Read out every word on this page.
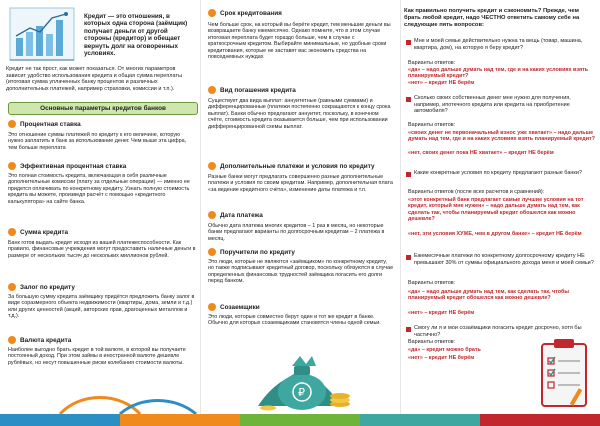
Кредит — это отношения, в которых одна сторона (заёмщик) получает деньги от другой стороны (кредитор) и обещает вернуть долг на оговоренных условиях.
Кредит не так прост, как может показаться. От многих параметров зависит удобство использования кредита и общая сумма переплаты (итоговая сумма уплаченных банку процентов и различных дополнительных платежей, например страховки, комиссии и т.п.).
Основные параметры кредитов банков
Процентная ставка
Это отношение суммы платежей по кредиту к его величине, которую нужно заплатить в банк за использование денег. Чем выше эта цифра, тем больше переплата
Эффективная процентная ставка
Это полная стоимость кредита, включающая в себя различные дополнительные комиссии (плату за отдельные операции) — именно ее придется оплачивать по конкретному кредиту. Узнать полную стоимость кредита вы можете, произведя расчёт с помощью «кредитного калькулятора» на сайте банка.
Сумма кредита
Банк готов выдать кредит исходя из вашей платежеспособности. Как правило, финансовые учреждения могут предоставить наличные деньги в размере от нескольких тысяч до нескольких миллионов рублей.
Залог по кредиту
За большую сумму кредита заёмщику придётся предложить банку залог в виде соразмерного объекта недвижимости (квартиры, дома, земли и т.д.) или других ценностей (акций, авторских прав, драгоценных металлов и т.д.).
Валюта кредита
Наиболее выгодно брать кредит в той валюте, в которой вы получаете постоянный доход. При этом займы в иностранной валюте дешевле рублёвых, но несут повышенные риски колебания стоимости валюты.
Срок кредитования
Чем больше срок, на который вы берёте кредит, тем меньшие деньги вы возвращаете банку ежемесячно. Однако помните, что в этом случае итоговая переплата будет гораздо больше, чем в случае с краткосрочным кредитом. Выбирайте минимальные, но удобные сроки кредитования, которые не заставят вас экономить средства на повседневных нуждах
Вид погашения кредита
Существует два вида выплат: аннуитетные (равными суммами) и дифференцированные (платежи постепенно сокращаются к концу срока выплат). Банки обычно предлагают аннуитет, поскольку, в конечном счёте, стоимость кредита оказывается больше, чем при использовании дифференцированной схемы выплат.
Дополнительные платежи и условия по кредиту
Разные банки могут предлагать совершенно разные дополнительные платежи и условия по своим кредитам. Например, дополнительная плата «за ведение кредитного счёта», изменение даты платежа и т.п.
Дата платежа
Обычно дата платежа многих кредитов – 1 раз в месяц, но некоторые банки предлагают варианты по долгосрочным кредитам – 2 платежа в месяц.
Поручители по кредиту
Это люди, которые не являются «заёмщиком» по конкретному кредиту, но также подписывают кредитный договор, поскольку обязуются в случае определенных финансовых трудностей заёмщика погасить его долги перед банком.
Созаемщики
Это люди, которые совместно берут один и тот же кредит в банке. Обычно для которых созаемщиками становятся члены одной семьи.
₽
Как правильно получить кредит и сэкономить? Прежде, чем брать любой кредит, надо ЧЕСТНО ответить самому себе на следующие пять вопросов:
Мне и моей семье действительно нужна та вещь (товар, машина, квартира, дом), на которую я беру кредит?
Варианты ответов:
«да» – надо дальше думать над тем, где и на каких условиях взять планируемый кредит?
«нет» – кредит НЕ берём
Сколько своих собственных денег мне нужно для получения, например, ипотечного кредита или кредита на приобретение автомобиля?
Варианты ответов:
«своих денег не первоначальный взнос уже хватает» – надо дальше думать над тем, где и на каких условиях взять планируемый кредит?
«нет, своих денег пока НЕ хватает» – кредит НЕ берём
Какие конкретные условия по кредиту предлагают разные банки?
Варианты ответов (после всех расчетов и сравнений):
«этот конкретный банк предлагает самые лучшие условия на тот кредит, который мне нужен» – надо дальше думать над тем, как сделать так, чтобы планируемый кредит обошелся как можно дешевле?
«нет, эти условия ХУЖЕ, чем в другом банке» – кредит НЕ берём
Ежемесячные платежи по конкретному долгосрочному кредиту НЕ превышают 30% от суммы официального дохода меня и моей семьи?
Варианты ответов:
«да» – надо дальше думать над тем, как сделать так, чтобы планируемый кредит обошелся как можно дешевле?
«нет» – кредит НЕ берём
Смогу ли я и мои созаёмщики погасить кредит досрочно, хотя бы частично?
Варианты ответов:
«да» – кредит можно брать
«нет» – кредит НЕ берём
